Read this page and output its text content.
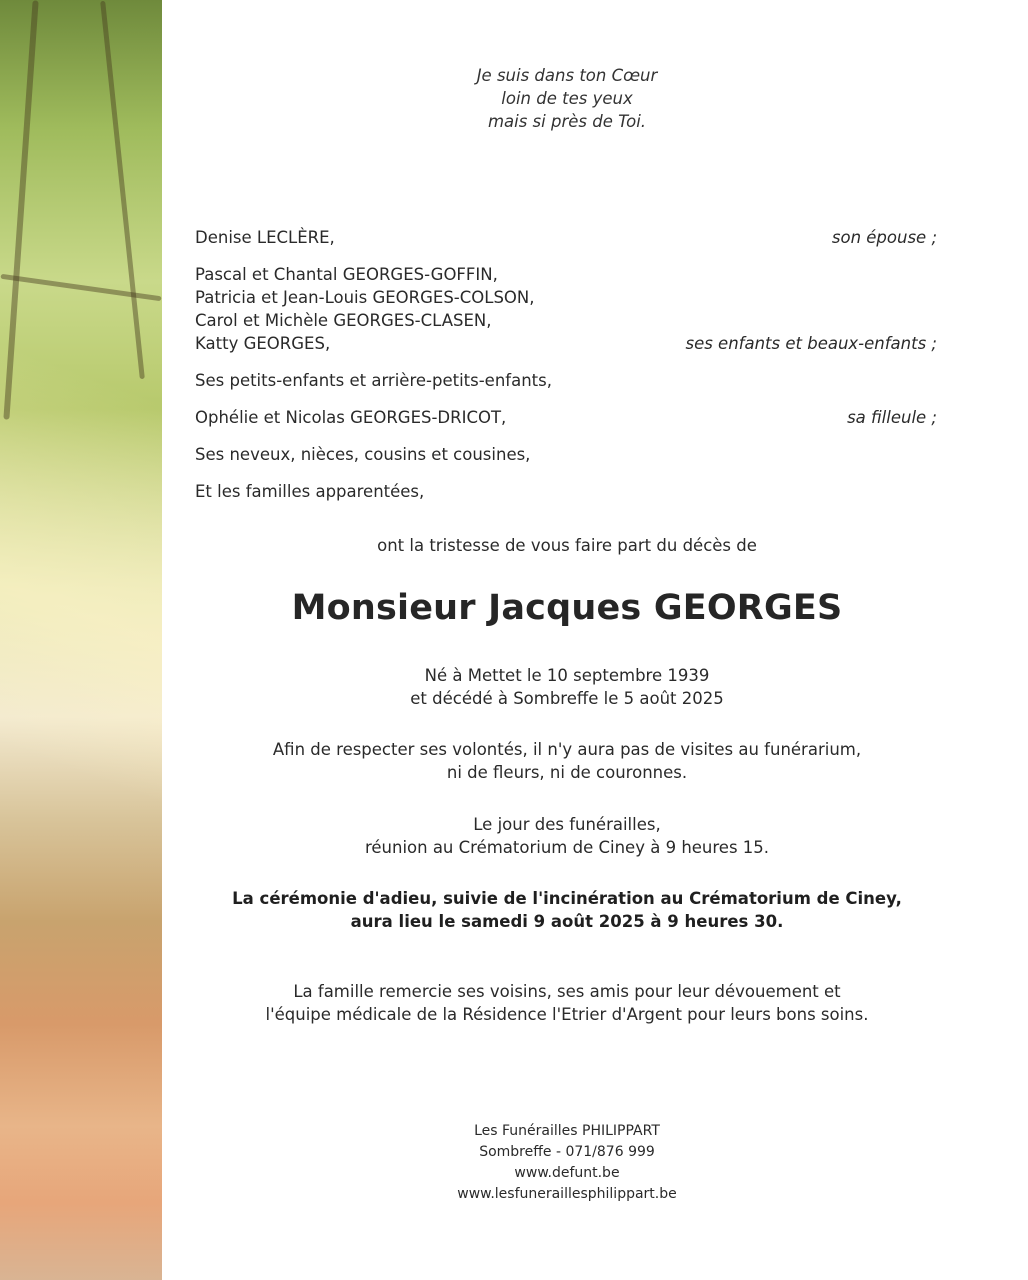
Je suis dans ton Cœur
loin de tes yeux
mais si près de Toi.
Denise LECLÈRE,	son épouse ;
Pascal et Chantal GEORGES-GOFFIN,
Patricia et Jean-Louis GEORGES-COLSON,
Carol et Michèle GEORGES-CLASEN,
Katty GEORGES,	ses enfants et beaux-enfants ;
Ses petits-enfants et arrière-petits-enfants,
Ophélie et Nicolas GEORGES-DRICOT,	sa filleule ;
Ses neveux, nièces, cousins et cousines,
Et les familles apparentées,
ont la tristesse de vous faire part du décès de
Monsieur Jacques GEORGES
Né à Mettet le 10 septembre 1939
et décédé à Sombreffe le 5 août 2025
Afin de respecter ses volontés, il n'y aura pas de visites au funérarium,
ni de fleurs, ni de couronnes.
Le jour des funérailles,
réunion au Crématorium de Ciney à 9 heures 15.
La cérémonie d'adieu, suivie de l'incinération au Crématorium de Ciney,
aura lieu le samedi 9 août 2025 à 9 heures 30.
La famille remercie ses voisins, ses amis pour leur dévouement et
l'équipe médicale de la Résidence l'Etrier d'Argent pour leurs bons soins.
Les Funérailles PHILIPPART
Sombreffe - 071/876 999
www.defunt.be
www.lesfuneraillesphilippart.be
